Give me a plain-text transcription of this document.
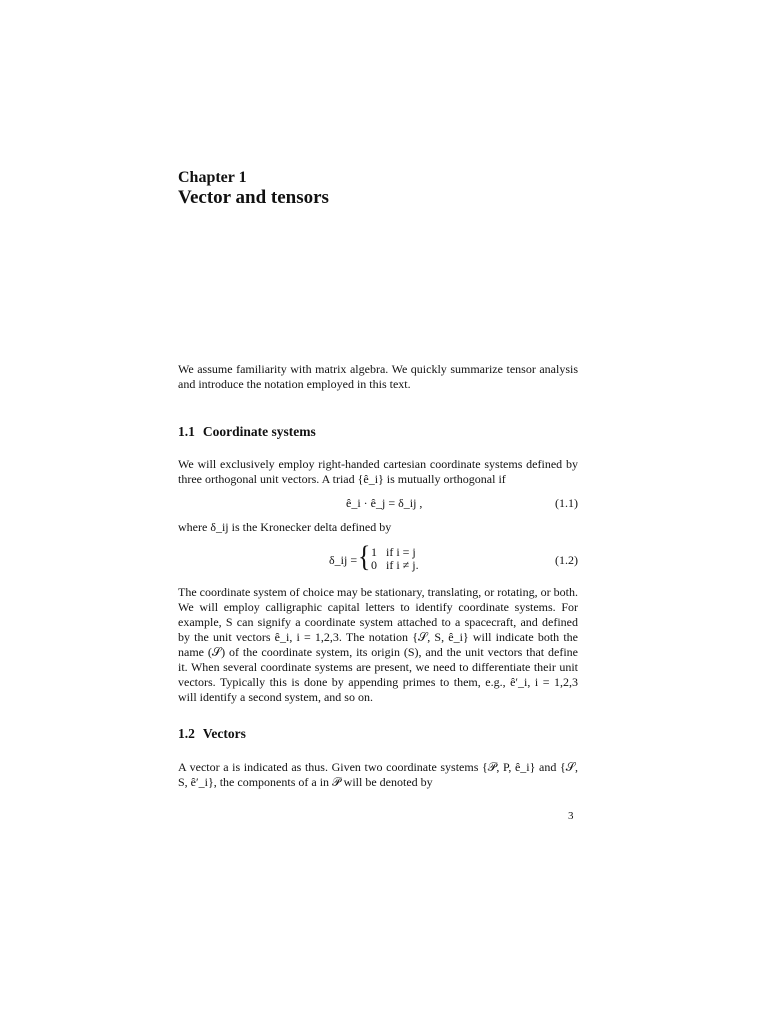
Chapter 1
Vector and tensors

We assume familiarity with matrix algebra. We quickly summarize tensor analysis and introduce the notation employed in this text.

1.1 Coordinate systems

We will exclusively employ right-handed cartesian coordinate systems defined by three orthogonal unit vectors. A triad {ê_i} is mutually orthogonal if

ê_i · ê_j = δ_ij ,	(1.1)
where δ_ij is the Kronecker delta defined by
δ_ij = { 1   if i = j
0   if i ≠ j.	(1.2)

The coordinate system of choice may be stationary, translating, or rotating, or both. We will employ calligraphic capital letters to identify coordinate systems. For example, S can signify a coordinate system attached to a spacecraft, and defined by the unit vectors ê_i, i = 1,2,3. The notation {𝒮, S, ê_i} will indicate both the name (𝒮) of the coordinate system, its origin (S), and the unit vectors that define it. When several coordinate systems are present, we need to differentiate their unit vectors. Typically this is done by appending primes to them, e.g., ê′_i, i = 1,2,3 will identify a second system, and so on.

1.2 Vectors

A vector a is indicated as thus. Given two coordinate systems {𝒫, P, ê_i} and {𝒮, S, ê′_i}, the components of a in 𝒫 will be denoted by

3
